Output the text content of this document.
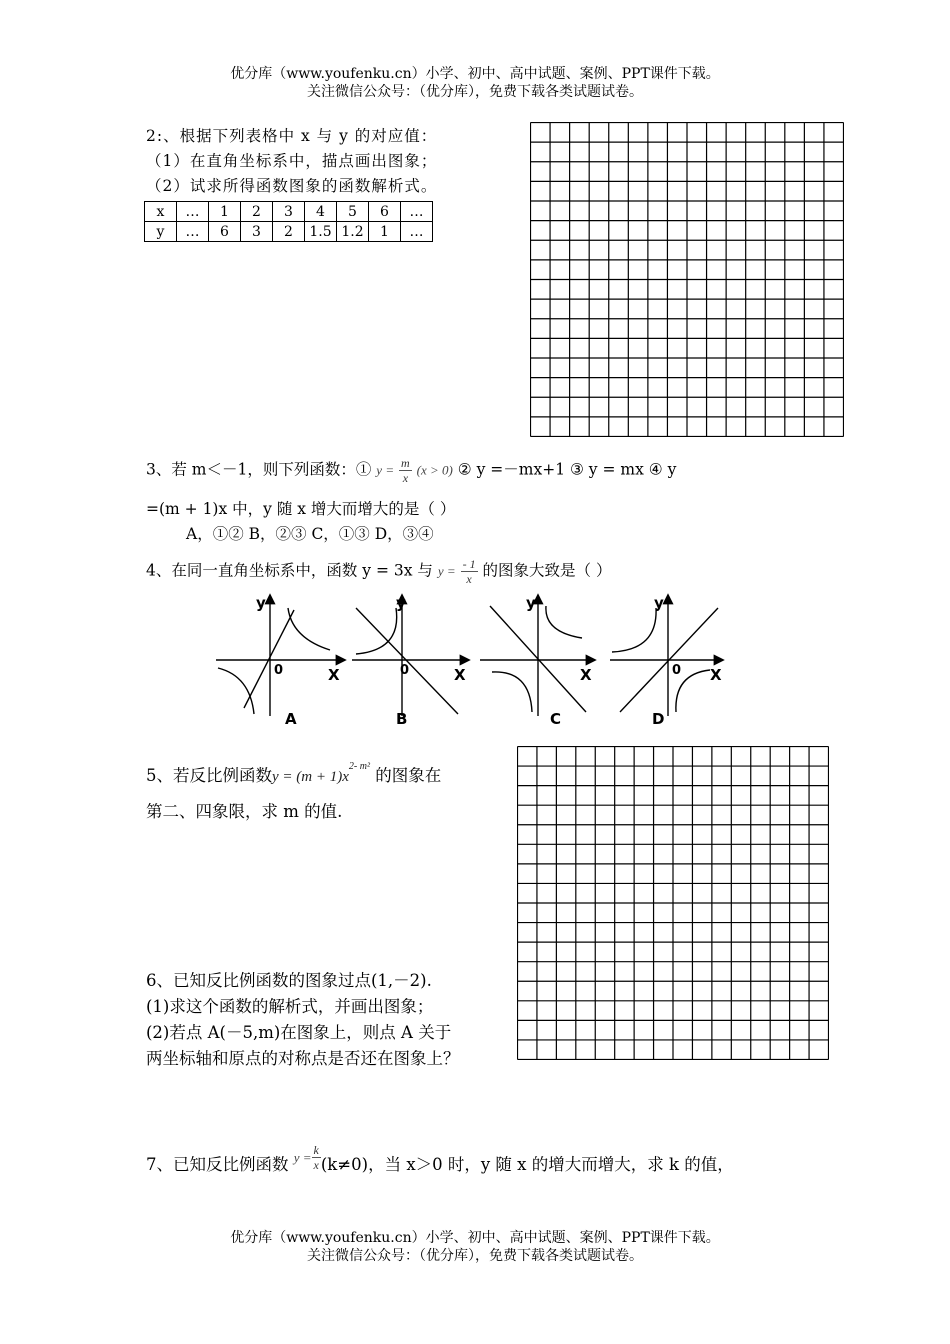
优分库（www.youfenku.cn）小学、初中、高中试题、案例、PPT课件下载。
关注微信公众号：（优分库），免费下载各类试题试卷。
2:、根据下列表格中 x 与 y 的对应值：
（1）在直角坐标系中，描点画出图象；
（2）试求所得函数图象的函数解析式。
x	…	1	2	3	4	5	6	…
y	…	6	3	2	1.5	1.2	1	…
3、若 m＜－1，则下列函数：① $y = \frac{m}{x} (x > 0)$ ② y =－mx+1 ③ y = mx ④ y
=(m + 1)x 中，y 随 x 增大而增大的是（ ）
A，①② B，②③ C，①③ D，③④
4、在同一直角坐标系中，函数 y = 3x 与 $y = \frac{- 1}{x}$ 的图象大致是（ ）
y
X
0
A
y
X
0
B
y
X
C
y
X
0
D
5、若反比例函数$y = (m + 1)x^{2- m^2}$ 的图象在
第二、四象限，求 m 的值.
6、已知反比例函数的图象过点(1,－2).
(1)求这个函数的解析式，并画出图象；
(2)若点 A(－5,m)在图象上，则点 A 关于
两坐标轴和原点的对称点是否还在图象上？
7、已知反比例函数 $^{y =} \frac{k}{x} (k\ne 0)$，当 x＞0 时，y 随 x 的增大而增大，求 k 的值，
优分库（www.youfenku.cn）小学、初中、高中试题、案例、PPT课件下载。
关注微信公众号：（优分库），免费下载各类试题试卷。
